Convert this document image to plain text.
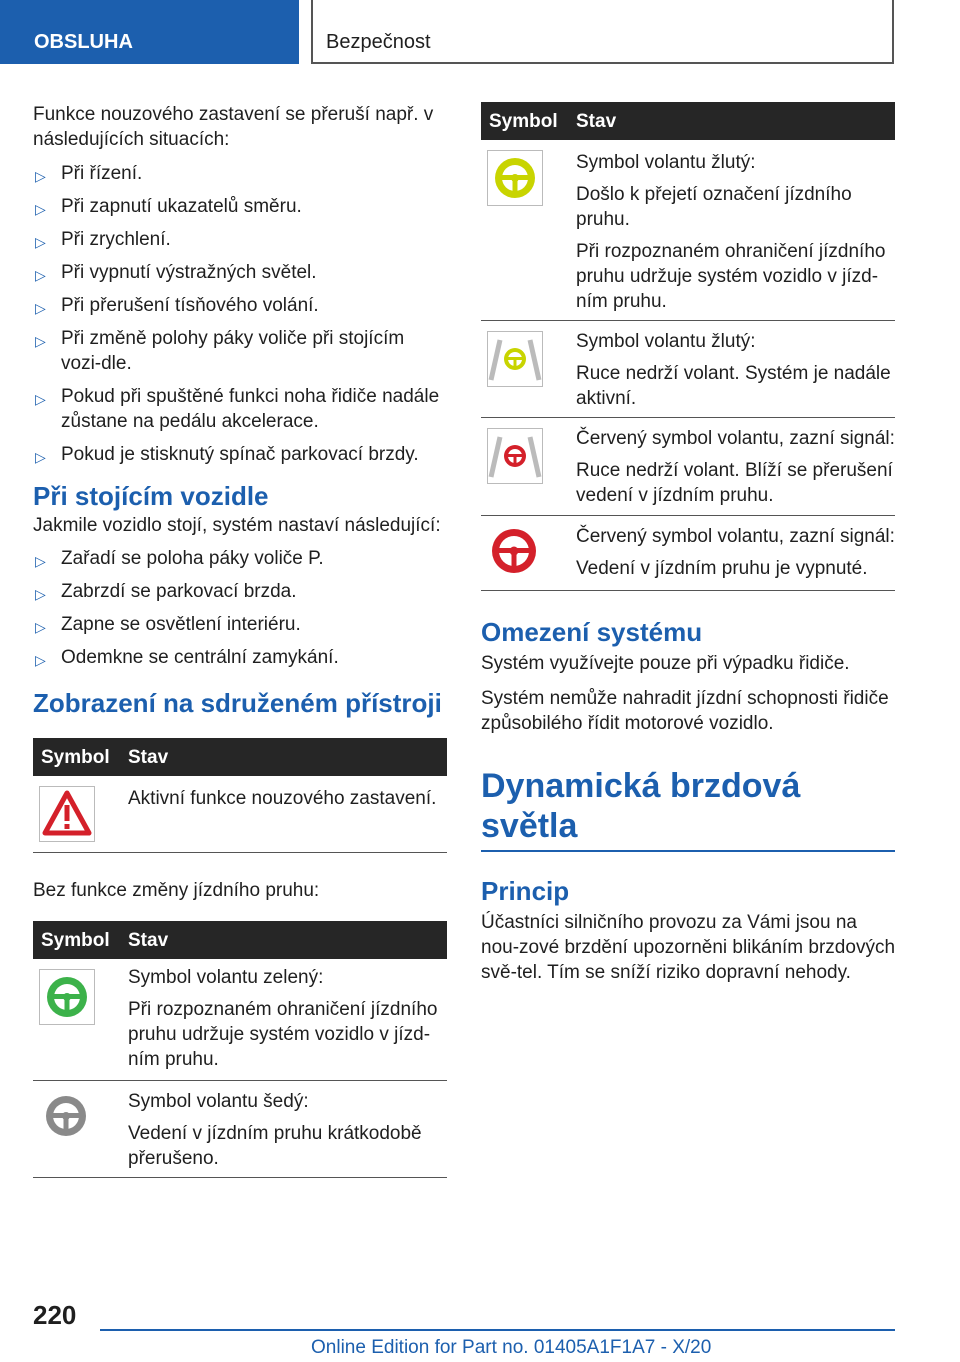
OBSLUHA	Bezpečnost

Funkce nouzového zastavení se přeruší např. v následujících situacích:

▷ Při řízení.
▷ Při zapnutí ukazatelů směru.
▷ Při zrychlení.
▷ Při vypnutí výstražných světel.
▷ Při přerušení tísňového volání.
▷ Při změně polohy páky voliče při stojícím vozi-dle.
▷ Pokud při spuštěné funkci noha řidiče nadále zůstane na pedálu akcelerace.
▷ Pokud je stisknutý spínač parkovací brzdy.
Při stojícím vozidle

Jakmile vozidlo stojí, systém nastaví následující:

▷ Zařadí se poloha páky voliče P.
▷ Zabrzdí se parkovací brzda.
▷ Zapne se osvětlení interiéru.
▷ Odemkne se centrální zamykání.
Zobrazení na sdruženém přístroji
Symbol Stav

Aktivní funkce nouzového zastavení.

Bez funkce změny jízdního pruhu:

Symbol Stav

Symbol volantu zelený:

Při rozpoznaném ohraničení jízdního pruhu udržuje systém vozidlo v jízd-ním pruhu.

Symbol volantu šedý:

Vedení v jízdním pruhu krátkodobě přerušeno.

Symbol Stav

Symbol volantu žlutý:

Došlo k přejetí označení jízdního pruhu.

Při rozpoznaném ohraničení jízdního pruhu udržuje systém vozidlo v jízd-ním pruhu.

Symbol volantu žlutý:

Ruce nedrží volant. Systém je nadále aktivní.

Červený symbol volantu, zazní signál:

Ruce nedrží volant. Blíží se přerušení vedení v jízdním pruhu.

Červený symbol volantu, zazní signál:

Vedení v jízdním pruhu je vypnuté.

Omezení systému

Systém využívejte pouze při výpadku řidiče.

Systém nemůže nahradit jízdní schopnosti řidiče způsobilého řídit motorové vozidlo.

Dynamická brzdová světla
Princip

Účastníci silničního provozu za Vámi jsou na nou-zové brzdění upozorněni blikáním brzdových svě-tel. Tím se sníží riziko dopravní nehody.

220
Online Edition for Part no. 01405A1F1A7 - X/20
